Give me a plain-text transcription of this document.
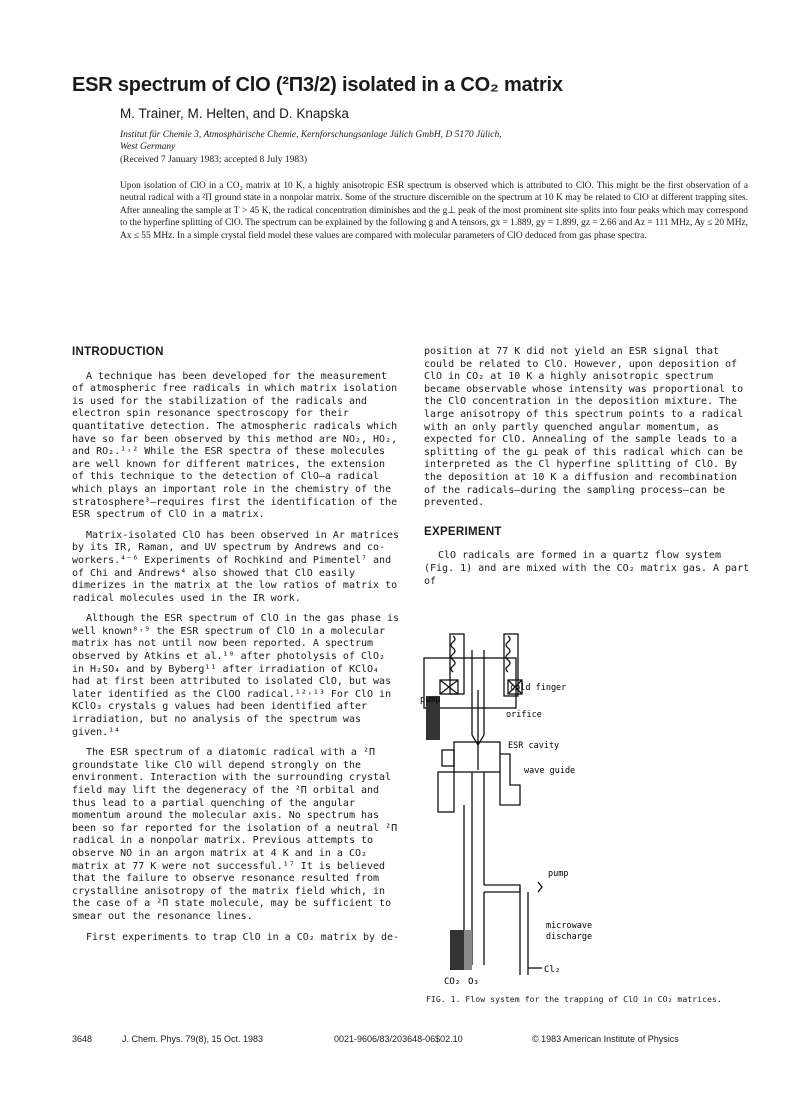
ESR spectrum of ClO (²Π3/2) isolated in a CO₂ matrix
M. Trainer, M. Helten, and D. Knapska
Institut für Chemie 3, Atmosphärische Chemie, Kernforschungsanlage Jülich GmbH, D 5170 Jülich,
West Germany
(Received 7 January 1983; accepted 8 July 1983)
Upon isolation of ClO in a CO₂ matrix at 10 K, a highly anisotropic ESR spectrum is observed which is attributed to ClO. This might be the first observation of a neutral radical with a ²Π ground state in a nonpolar matrix. Some of the structure discernible on the spectrum at 10 K may be related to ClO at different trapping sites. After annealing the sample at T > 45 K, the radical concentration diminishes and the g⊥ peak of the most prominent site splits into four peaks which may correspond to the hyperfine splitting of ClO. The spectrum can be explained by the following g and A tensors, gx = 1.889, gy = 1.899, gz = 2.66 and Az = 111 MHz, Ay ≤ 20 MHz, Ax ≤ 55 MHz. In a simple crystal field model these values are compared with molecular parameters of ClO deduced from gas phase spectra.
INTRODUCTION

A technique has been developed for the measurement of atmospheric free radicals in which matrix isolation is used for the stabilization of the radicals and electron spin resonance spectroscopy for their quantitative detection. The atmospheric radicals which have so far been observed by this method are NO₂, HO₂, and RO₂.¹˒² While the ESR spectra of these molecules are well known for different matrices, the extension of this technique to the detection of ClO—a radical which plays an important role in the chemistry of the stratosphere³—requires first the identification of the ESR spectrum of ClO in a matrix.

Matrix-isolated ClO has been observed in Ar matrices by its IR, Raman, and UV spectrum by Andrews and co-workers.⁴⁻⁶ Experiments of Rochkind and Pimentel⁷ and of Chi and Andrews⁴ also showed that ClO easily dimerizes in the matrix at the low ratios of matrix to radical molecules used in the IR work.

Although the ESR spectrum of ClO in the gas phase is well known⁸˒⁹ the ESR spectrum of ClO in a molecular matrix has not until now been reported. A spectrum observed by Atkins et al.¹⁰ after photolysis of ClO₂ in H₂SO₄ and by Byberg¹¹ after irradiation of KClO₄ had at first been attributed to isolated ClO, but was later identified as the ClOO radical.¹²˒¹³ For ClO in KClO₃ crystals g values had been identified after irradiation, but no analysis of the spectrum was given.¹⁴

The ESR spectrum of a diatomic radical with a ²Π groundstate like ClO will depend strongly on the environment. Interaction with the surrounding crystal field may lift the degeneracy of the ²Π orbital and thus lead to a partial quenching of the angular momentum around the molecular axis. No spectrum has been so far reported for the isolation of a neutral ²Π radical in a nonpolar matrix. Previous attempts to observe NO in an argon matrix at 4 K and in a CO₂ matrix at 77 K were not successful.¹⁷ It is believed that the failure to observe resonance resulted from crystalline anisotropy of the matrix field which, in the case of a ²Π state molecule, may be sufficient to smear out the resonance lines.

First experiments to trap ClO in a CO₂ matrix by de-

position at 77 K did not yield an ESR signal that could be related to ClO. However, upon deposition of ClO in CO₂ at 10 K a highly anisotropic spectrum became observable whose intensity was proportional to the ClO concentration in the deposition mixture. The large anisotropy of this spectrum points to a radical with an only partly quenched angular momentum, as expected for ClO. Annealing of the sample leads to a splitting of the g⊥ peak of this radical which can be interpreted as the Cl hyperfine splitting of ClO. By the deposition at 10 K a diffusion and recombination of the radicals—during the sampling process—can be prevented.

EXPERIMENT

ClO radicals are formed in a quartz flow system (Fig. 1) and are mixed with the CO₂ matrix gas. A part of

pump
cold finger
orifice
ESR cavity
wave guide
pump
microwave
discharge
CO₂ O₃
Cl₂
FIG. 1. Flow system for the trapping of ClO in CO₂ matrices.
3648	J. Chem. Phys. 79(8), 15 Oct. 1983	0021-9606/83/203648-06$02.10	© 1983 American Institute of Physics
